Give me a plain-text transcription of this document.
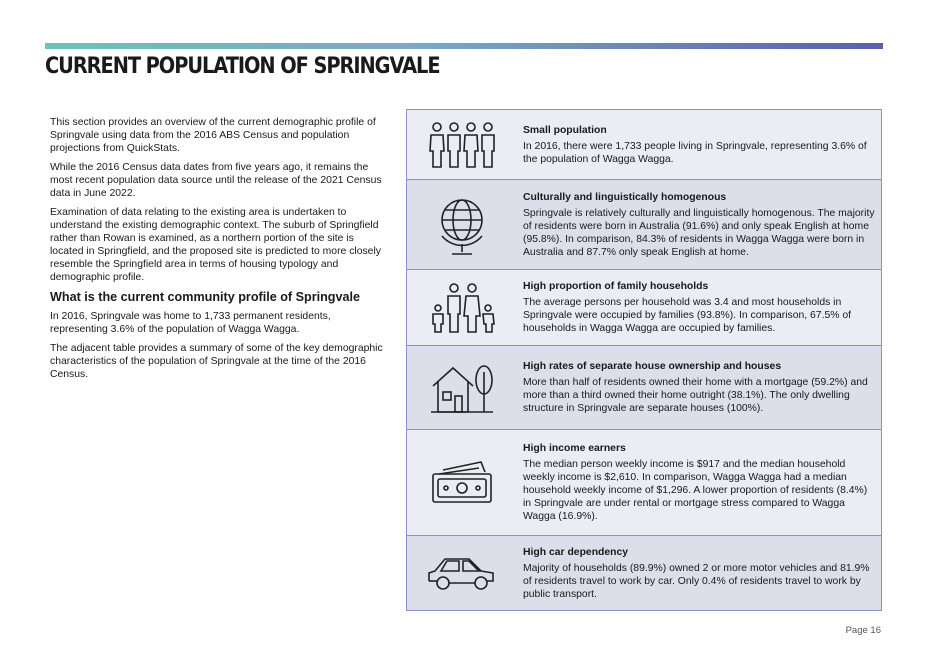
CURRENT POPULATION OF SPRINGVALE

This section provides an overview of the current demographic profile of Springvale using data from the 2016 ABS Census and population projections from QuickStats.

While the 2016 Census data dates from five years ago, it remains the most recent population data source until the release of the 2021 Census data in June 2022.

Examination of data relating to the existing area is undertaken to understand the existing demographic context. The suburb of Springfield rather than Rowan is examined, as a northern portion of the site is located in Springfield, and the proposed site is predicted to more closely resemble the Springfield area in terms of housing typology and demographic profile.

What is the current community profile of Springvale

In 2016, Springvale was home to 1,733 permanent residents, representing 3.6% of the population of Wagga Wagga.

The adjacent table provides a summary of some of the key demographic characteristics of the population of Springvale at the time of the 2016 Census.

Small population
In 2016, there were 1,733 people living in Springvale, representing 3.6% of the population of Wagga Wagga.
Culturally and linguistically homogenous
Springvale is relatively culturally and linguistically homogenous. The majority of residents were born in Australia (91.6%) and only speak English at home (95.8%). In comparison, 84.3% of residents in Wagga Wagga were born in Australia and 87.7% only speak English at home.
High proportion of family households
The average persons per household was 3.4 and most households in Springvale were occupied by families (93.8%). In comparison, 67.5% of households in Wagga Wagga are occupied by families.
High rates of separate house ownership and houses
More than half of residents owned their home with a mortgage (59.2%) and more than a third owned their home outright (38.1%). The only dwelling structure in Springvale are separate houses (100%).
High income earners
The median person weekly income is $917 and the median household weekly income is $2,610. In comparison, Wagga Wagga had a median household weekly income of $1,296. A lower proportion of residents (8.4%) in Springvale are under rental or mortgage stress compared to Wagga Wagga (16.9%).
High car dependency
Majority of households (89.9%) owned 2 or more motor vehicles and 81.9% of residents travel to work by car. Only 0.4% of residents travel to work by public transport.
Page 16
